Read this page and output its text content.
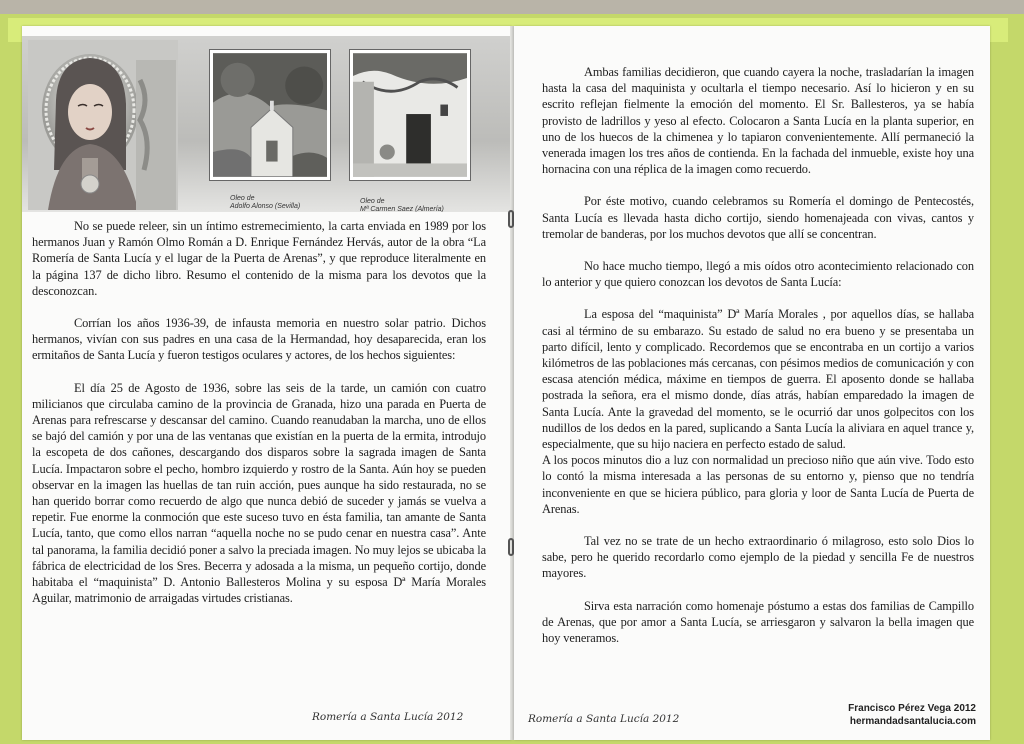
Oleo de
Adolfo Alonso (Sevilla)
Oleo de
Mª Carmen Saez (Almería)

No se puede releer, sin un íntimo estremecimiento, la carta enviada en 1989 por los hermanos Juan y Ramón Olmo Román a D. Enrique Fernández Hervás, autor de la obra “La Romería de Santa Lucía y el lugar de la Puerta de Arenas”, y que reproduce literalmente en la página 137 de dicho libro. Resumo el contenido de la misma para los devotos que la desconozcan.

Corrían los años 1936-39, de infausta memoria en nuestro solar patrio. Dichos hermanos, vivían con sus padres en una casa de la Hermandad, hoy desaparecida, eran los ermitaños de Santa Lucía y fueron testigos oculares y actores, de los hechos siguientes:

El día 25 de Agosto de 1936, sobre las seis de la tarde, un camión con cuatro milicianos que circulaba camino de la provincia de Granada, hizo una parada en Puerta de Arenas para refrescarse y descansar del camino. Cuando reanudaban la marcha, uno de ellos se bajó del camión y por una de las ventanas que existían en la puerta de la ermita, introdujo la escopeta de dos cañones, descargando dos disparos sobre la sagrada imagen de Santa Lucía. Impactaron sobre el pecho, hombro izquierdo y rostro de la Santa. Aún hoy se pueden observar en la imagen las huellas de tan ruin acción, pues aunque ha sido restaurada, no se han querido borrar como recuerdo de algo que nunca debió de suceder y jamás se vuelva a repetir. Fue enorme la conmoción que este suceso tuvo en ésta familia, tan amante de Santa Lucía, tanto, que como ellos narran “aquella noche no se pudo cenar en nuestra casa”. Ante tal panorama, la familia decidió poner a salvo la preciada imagen. No muy lejos se ubicaba la fábrica de electricidad de los Sres. Becerra y adosada a la misma, un pequeño cortijo, donde habitaba el “maquinista” D. Antonio Ballesteros Molina y su esposa Dª María Morales Aguilar, matrimonio de arraigadas virtudes cristianas.

Romería a Santa Lucía 2012

Ambas familias decidieron, que cuando cayera la noche, trasladarían la imagen hasta la casa del maquinista y ocultarla el tiempo necesario. Así lo hicieron y en su escrito reflejan fielmente la emoción del momento. El Sr. Ballesteros, ya se había provisto de ladrillos y yeso al efecto. Colocaron a Santa Lucía en la planta superior, en uno de los huecos de la chimenea y lo tapiaron convenientemente. Allí permaneció la venerada imagen los tres años de contienda. En la fachada del inmueble, existe hoy una hornacina con una réplica de la imagen como recuerdo.

Por éste motivo, cuando celebramos su Romería el domingo de Pentecostés, Santa Lucía es llevada hasta dicho cortijo, siendo homenajeada con vivas, cantos y tremolar de banderas, por los muchos devotos que allí se concentran.

No hace mucho tiempo, llegó a mis oídos otro acontecimiento relacionado con lo anterior y que quiero conozcan los devotos de Santa Lucía:

La esposa del “maquinista” Dª María Morales , por aquellos días, se hallaba casi al término de su embarazo. Su estado de salud no era bueno y se presentaba un parto difícil, lento y complicado. Recordemos que se encontraba en un cortijo a varios kilómetros de las poblaciones más cercanas, con pésimos medios de comunicación y con escasa atención médica, máxime en tiempos de guerra. El aposento donde se hallaba postrada la señora, era el mismo donde, días atrás, habían emparedado la imagen de Santa Lucía. Ante la gravedad del momento, se le ocurrió dar unos golpecitos con los nudillos de los dedos en la pared, suplicando a Santa Lucía la aliviara en aquel trance y, especialmente, que su hijo naciera en perfecto estado de salud.

A los pocos minutos dio a luz con normalidad un precioso niño que aún vive. Todo esto lo contó la misma interesada a las personas de su entorno y, pienso que no tendría inconveniente en que se hiciera público, para gloria y loor de Santa Lucía de Puerta de Arenas.

Tal vez no se trate de un hecho extraordinario ó milagroso, esto solo Dios lo sabe, pero he querido recordarlo como ejemplo de la piedad y sencilla Fe de nuestros mayores.

Sirva esta narración como homenaje póstumo a estas dos familias de Campillo de Arenas, que por amor a Santa Lucía, se arriesgaron y salvaron la bella imagen que hoy veneramos.

Romería a Santa Lucía 2012
Francisco Pérez Vega 2012
hermandadsantalucia.com
